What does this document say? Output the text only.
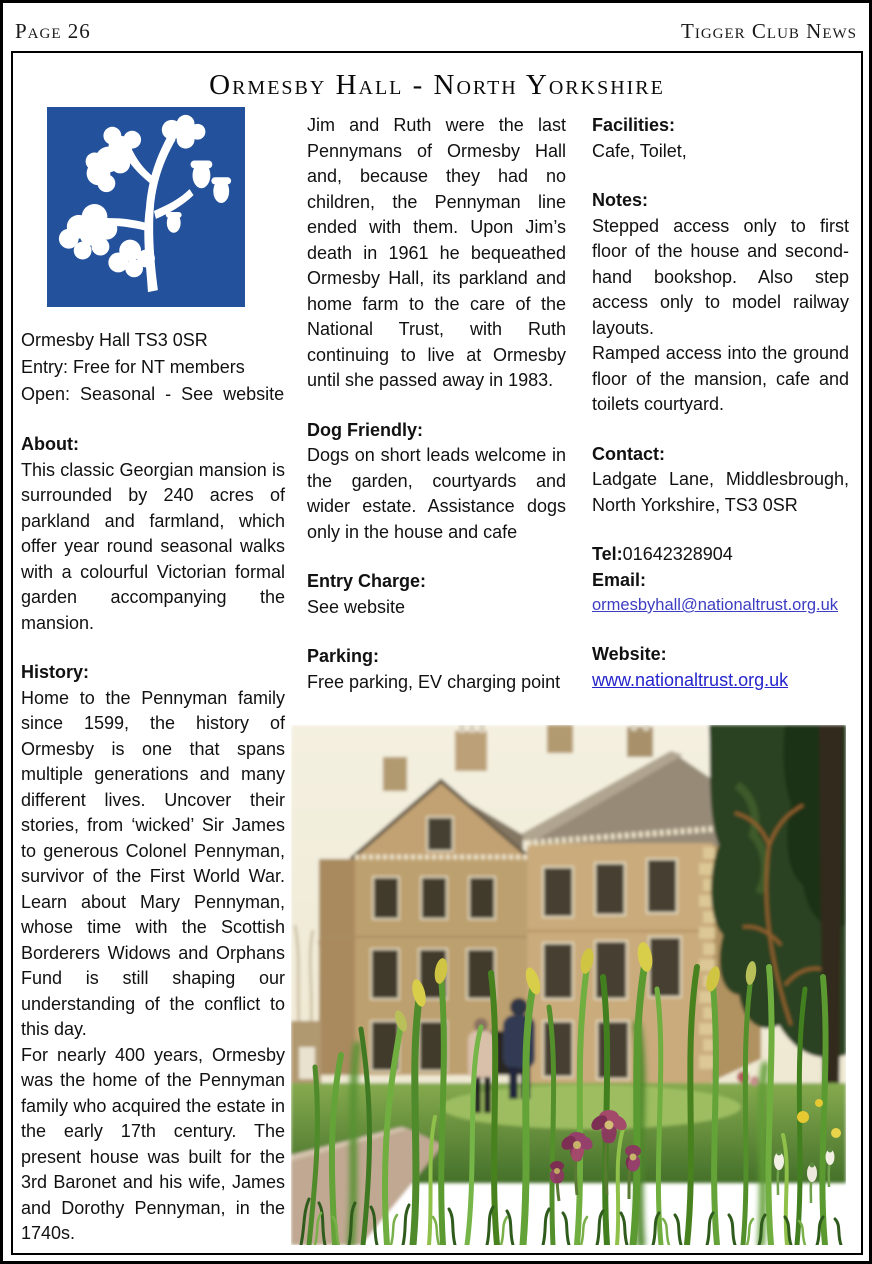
Page 26	Tigger Club News
Ormesby Hall - North Yorkshire
Ormesby Hall TS3 0SR
Entry: Free for NT members
Open: Seasonal - See website

About:

This classic Georgian mansion is surrounded by 240 acres of parkland and farmland, which offer year round seasonal walks with a colourful Victorian formal garden accompanying the mansion.

History:

Home to the Pennyman family since 1599, the history of Ormesby is one that spans multiple generations and many different lives. Uncover their stories, from ‘wicked’ Sir James to generous Colonel Pennyman, survivor of the First World War. Learn about Mary Pennyman, whose time with the Scottish Borderers Widows and Orphans Fund is still shaping our understanding of the conflict to this day.

For nearly 400 years, Ormesby was the home of the Pennyman family who acquired the estate in the early 17th century. The present house was built for the 3rd Baronet and his wife, James and Dorothy Pennyman, in the 1740s.

Jim and Ruth were the last Pennymans of Ormesby Hall and, because they had no children, the Pennyman line ended with them. Upon Jim’s death in 1961 he bequeathed Ormesby Hall, its parkland and home farm to the care of the National Trust, with Ruth continuing to live at Ormesby until she passed away in 1983.

Dog Friendly:

Dogs on short leads welcome in the garden, courtyards and wider estate. Assistance dogs only in the house and cafe

Entry Charge:

See website

Parking:

Free parking, EV charging point

Facilities:

Cafe, Toilet,

Notes:

Stepped access only to first floor of the house and second-hand bookshop. Also step access only to model railway layouts.

Ramped access into the ground floor of the mansion, cafe and toilets courtyard.

Contact:

Ladgate Lane, Middlesbrough, North Yorkshire, TS3 0SR

Tel:01642328904

Email:

ormesbyhall@nationaltrust.org.uk

Website:

www.nationaltrust.org.uk
